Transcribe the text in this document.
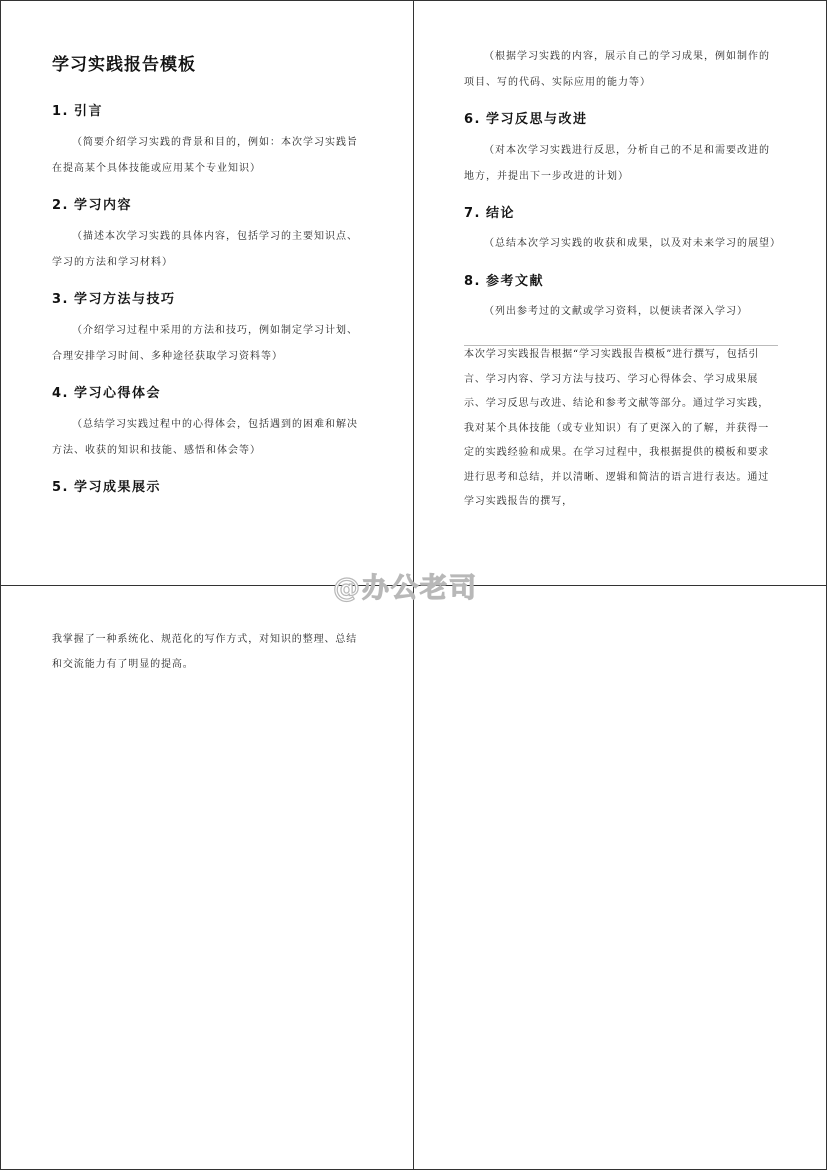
学习实践报告模板
1. 引言
（简要介绍学习实践的背景和目的，例如：本次学习实践旨在提高某个具体技能或应用某个专业知识）
2. 学习内容
（描述本次学习实践的具体内容，包括学习的主要知识点、学习的方法和学习材料）
3. 学习方法与技巧
（介绍学习过程中采用的方法和技巧，例如制定学习计划、合理安排学习时间、多种途径获取学习资料等）
4. 学习心得体会
（总结学习实践过程中的心得体会，包括遇到的困难和解决方法、收获的知识和技能、感悟和体会等）
5. 学习成果展示
（根据学习实践的内容，展示自己的学习成果，例如制作的项目、写的代码、实际应用的能力等）
6. 学习反思与改进
（对本次学习实践进行反思，分析自己的不足和需要改进的地方，并提出下一步改进的计划）
7. 结论
（总结本次学习实践的收获和成果，以及对未来学习的展望）
8. 参考文献
（列出参考过的文献或学习资料，以便读者深入学习）
本次学习实践报告根据“学习实践报告模板”进行撰写，包括引言、学习内容、学习方法与技巧、学习心得体会、学习成果展示、学习反思与改进、结论和参考文献等部分。通过学习实践，我对某个具体技能（或专业知识）有了更深入的了解，并获得一定的实践经验和成果。在学习过程中，我根据提供的模板和要求进行思考和总结，并以清晰、逻辑和简洁的语言进行表达。通过学习实践报告的撰写，
我掌握了一种系统化、规范化的写作方式，对知识的整理、总结和交流能力有了明显的提高。
@办公老司
